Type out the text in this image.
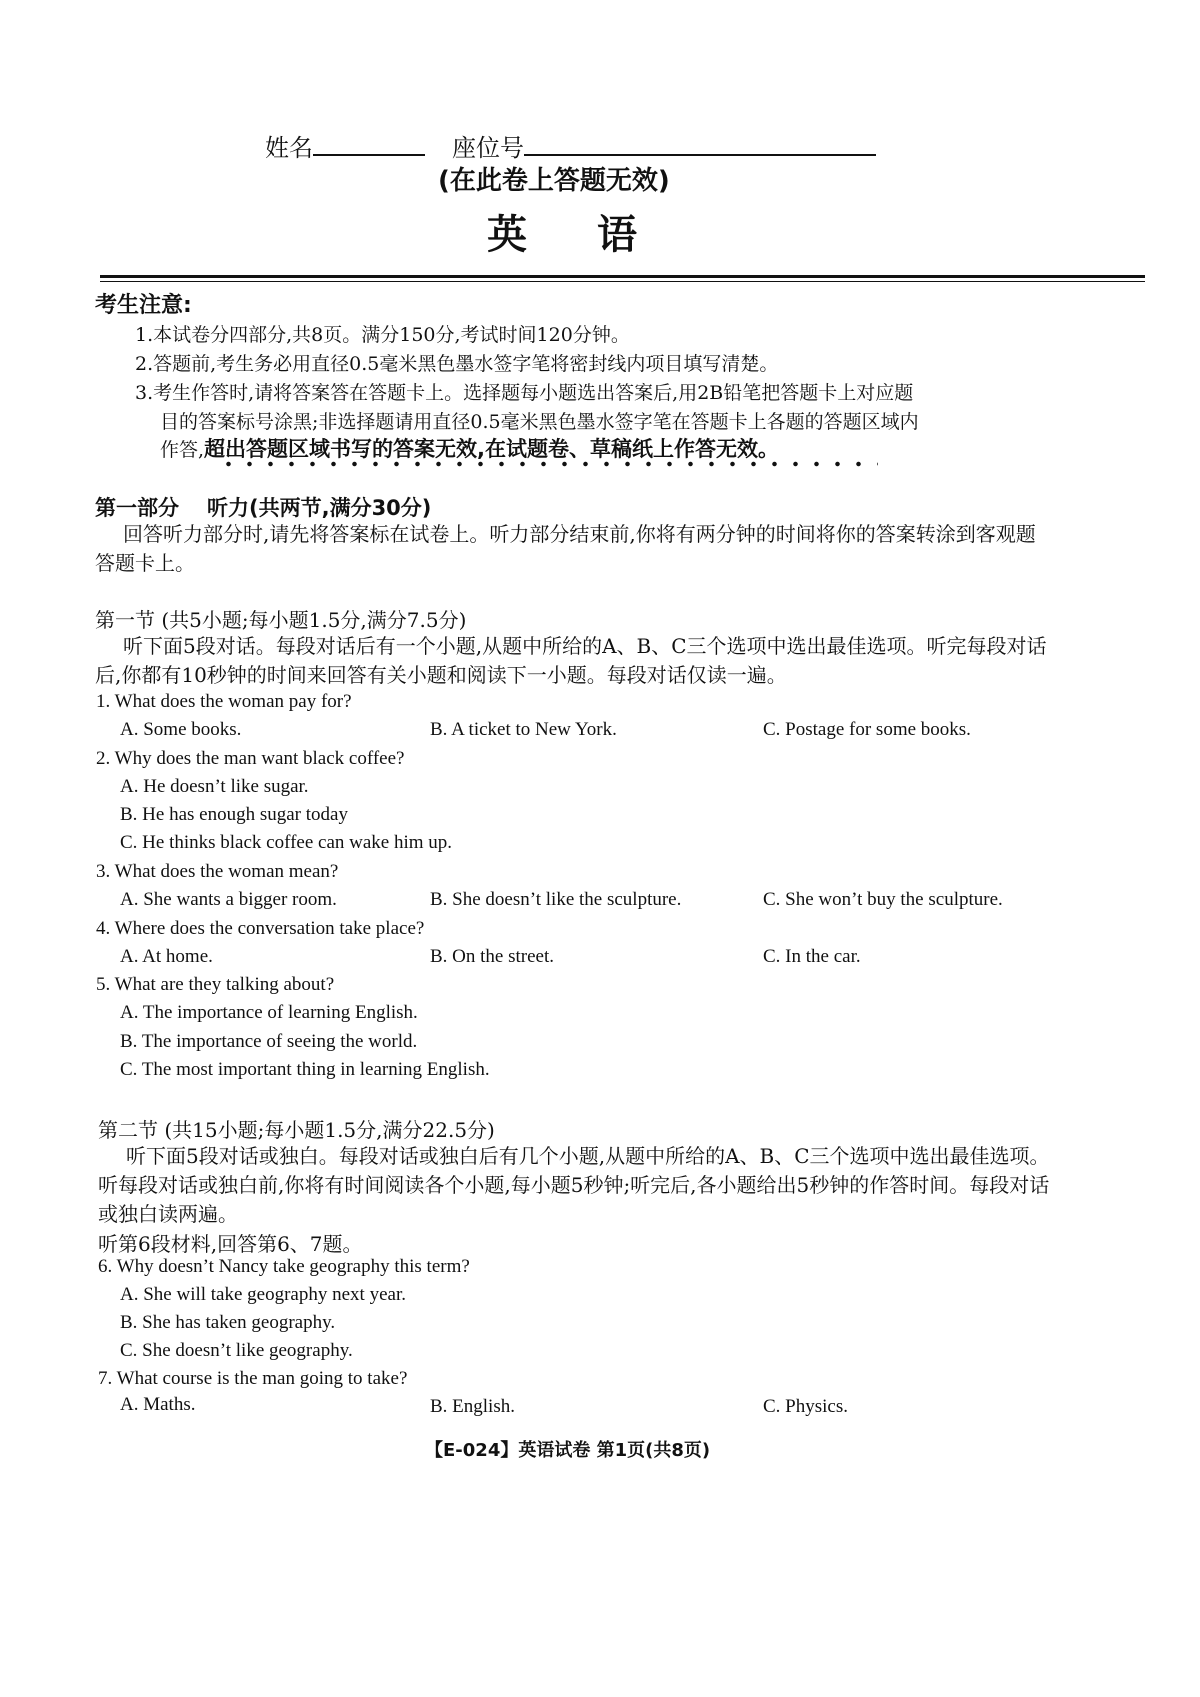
姓名	座位号
(在此卷上答题无效)
英语
考生注意:
1.本试卷分四部分,共8页。满分150分,考试时间120分钟。
2.答题前,考生务必用直径0.5毫米黑色墨水签字笔将密封线内项目填写清楚。
3.考生作答时,请将答案答在答题卡上。选择题每小题选出答案后,用2B铅笔把答题卡上对应题
目的答案标号涂黑;非选择题请用直径0.5毫米黑色墨水签字笔在答题卡上各题的答题区域内
作答,超出答题区域书写的答案无效,在试题卷、草稿纸上作答无效。
第一部分 听力(共两节,满分30分)
回答听力部分时,请先将答案标在试卷上。听力部分结束前,你将有两分钟的时间将你的答案转涂到客观题答题卡上。
第一节 (共5小题;每小题1.5分,满分7.5分)
听下面5段对话。每段对话后有一个小题,从题中所给的A、B、C三个选项中选出最佳选项。听完每段对话后,你都有10秒钟的时间来回答有关小题和阅读下一小题。每段对话仅读一遍。
1. What does the woman pay for?
A. Some books.	B. A ticket to New York.	C. Postage for some books.
2. Why does the man want black coffee?
A. He doesn’t like sugar.
B. He has enough sugar today
C. He thinks black coffee can wake him up.
3. What does the woman mean?
A. She wants a bigger room.	B. She doesn’t like the sculpture.	C. She won’t buy the sculpture.
4. Where does the conversation take place?
A. At home.	B. On the street.	C. In the car.
5. What are they talking about?
A. The importance of learning English.
B. The importance of seeing the world.
C. The most important thing in learning English.
第二节 (共15小题;每小题1.5分,满分22.5分)
听下面5段对话或独白。每段对话或独白后有几个小题,从题中所给的A、B、C三个选项中选出最佳选项。听每段对话或独白前,你将有时间阅读各个小题,每小题5秒钟;听完后,各小题给出5秒钟的作答时间。每段对话或独白读两遍。
听第6段材料,回答第6、7题。
6. Why doesn’t Nancy take geography this term?
A. She will take geography next year.
B. She has taken geography.
C. She doesn’t like geography.
7. What course is the man going to take?
A. Maths.	B. English.	C. Physics.
【E-024】英语试卷 第1页(共8页)
